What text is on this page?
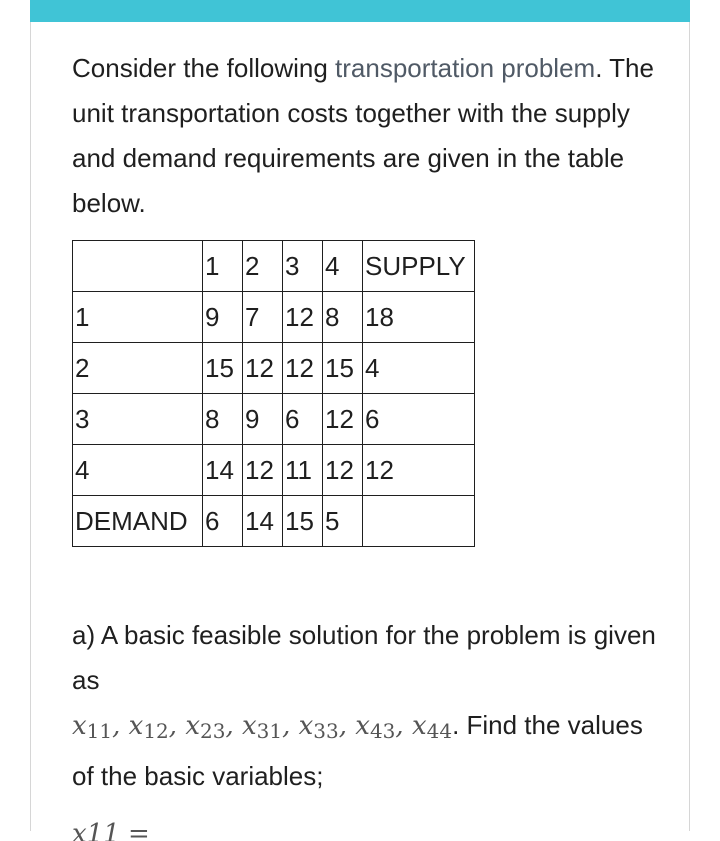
Consider the following transportation problem. The unit transportation costs together with the supply and demand requirements are given in the table below.

	1	2	3	4	SUPPLY
1	9	7	12	8	18
2	15	12	12	15	4
3	8	9	6	12	6
4	14	12	11	12	12
DEMAND	6	14	15	5	

a) A basic feasible solution for the problem is given as
$x_{11}$, $x_{12}$, $x_{23}$, $x_{31}$, $x_{33}$, $x_{43}$, $x_{44}$. Find the values of the basic variables;

x11 =
